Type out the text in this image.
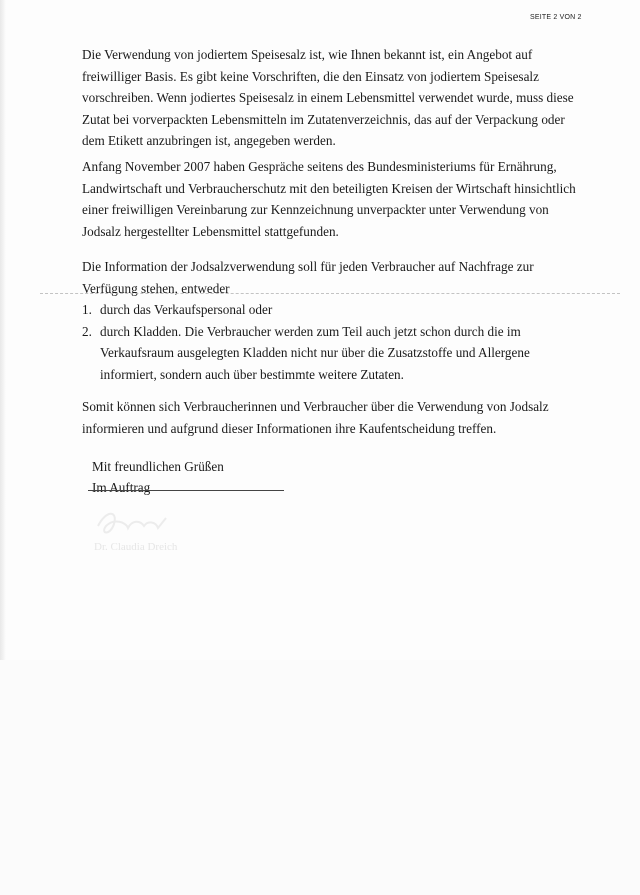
SEITE 2 VON 2

Die Verwendung von jodiertem Speisesalz ist, wie Ihnen bekannt ist, ein Angebot auf freiwilliger Basis. Es gibt keine Vorschriften, die den Einsatz von jodiertem Speisesalz vorschreiben. Wenn jodiertes Speisesalz in einem Lebensmittel verwendet wurde, muss diese Zutat bei vorverpackten Lebensmitteln im Zutatenverzeichnis, das auf der Verpackung oder dem Etikett anzubringen ist, angegeben werden.

Anfang November 2007 haben Gespräche seitens des Bundesministeriums für Ernährung, Landwirtschaft und Verbraucherschutz mit den beteiligten Kreisen der Wirtschaft hinsichtlich einer freiwilligen Vereinbarung zur Kennzeichnung unverpackter unter Verwendung von Jodsalz hergestellter Lebensmittel stattgefunden.

Die Information der Jodsalzverwendung soll für jeden Verbraucher auf Nachfrage zur Verfügung stehen, entweder

1. durch das Verkaufspersonal oder
2. durch Kladden. Die Verbraucher werden zum Teil auch jetzt schon durch die im Verkaufsraum ausgelegten Kladden nicht nur über die Zusatzstoffe und Allergene informiert, sondern auch über bestimmte weitere Zutaten.

Somit können sich Verbraucherinnen und Verbraucher über die Verwendung von Jodsalz informieren und aufgrund dieser Informationen ihre Kaufentscheidung treffen.

Mit freundlichen Grüßen
Im Auftrag
Dr. Claudia Dreich
